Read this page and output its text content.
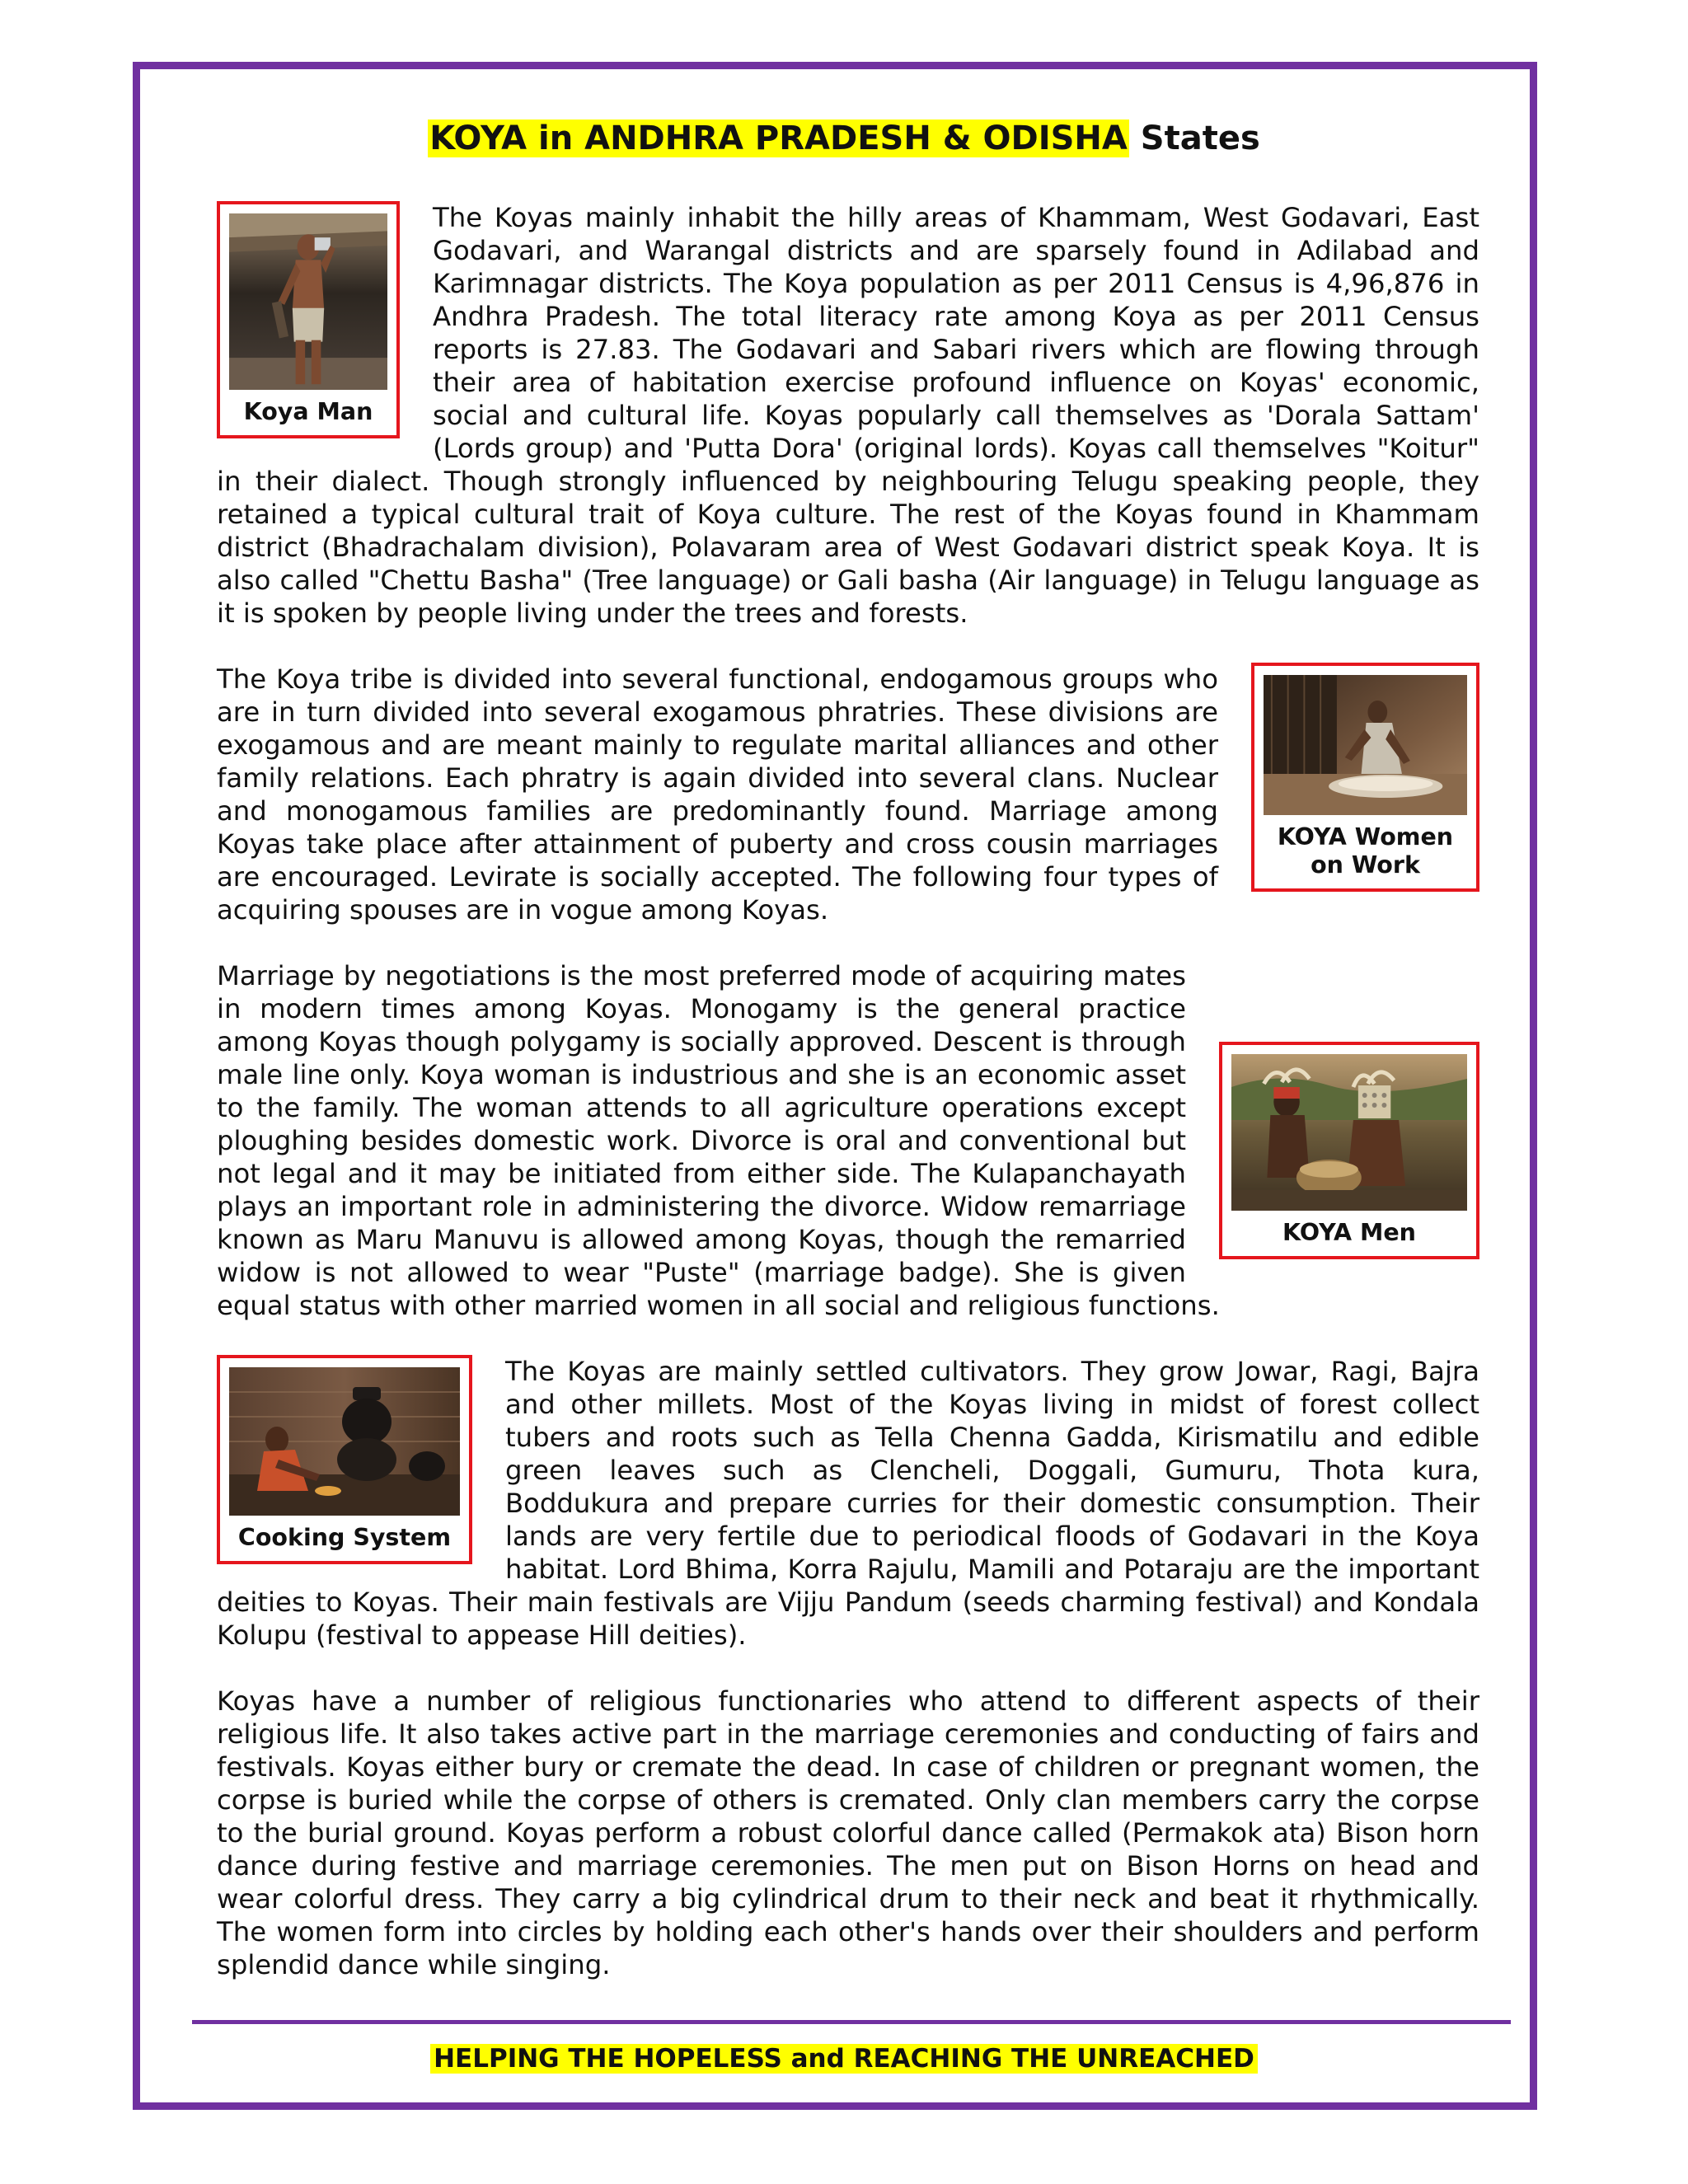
KOYA in ANDHRA PRADESH & ODISHA States
Koya Man

The Koyas mainly inhabit the hilly areas of Khammam, West Godavari, East Godavari, and Warangal districts and are sparsely found in Adilabad and Karimnagar districts. The Koya population as per 2011 Census is 4,96,876 in Andhra Pradesh. The total literacy rate among Koya as per 2011 Census reports is 27.83. The Godavari and Sabari rivers which are flowing through their area of habitation exercise profound influence on Koyas' economic, social and cultural life. Koyas popularly call themselves as 'Dorala Sattam' (Lords group) and 'Putta Dora' (original lords). Koyas call themselves "Koitur" in their dialect. Though strongly influenced by neighbouring Telugu speaking people, they retained a typical cultural trait of Koya culture. The rest of the Koyas found in Khammam district (Bhadrachalam division), Polavaram area of West Godavari district speak Koya. It is also called "Chettu Basha" (Tree language) or Gali basha (Air language) in Telugu language as it is spoken by people living under the trees and forests.

KOYA Women on Work

The Koya tribe is divided into several functional, endogamous groups who are in turn divided into several exogamous phratries. These divisions are exogamous and are meant mainly to regulate marital alliances and other family relations. Each phratry is again divided into several clans. Nuclear and monogamous families are predominantly found. Marriage among Koyas take place after attainment of puberty and cross cousin marriages are encouraged. Levirate is socially accepted. The following four types of acquiring spouses are in vogue among Koyas.

KOYA Men

Marriage by negotiations is the most preferred mode of acquiring mates in modern times among Koyas. Monogamy is the general practice among Koyas though polygamy is socially approved. Descent is through male line only. Koya woman is industrious and she is an economic asset to the family. The woman attends to all agriculture operations except ploughing besides domestic work. Divorce is oral and conventional but not legal and it may be initiated from either side. The Kulapanchayath plays an important role in administering the divorce. Widow remarriage known as Maru Manuvu is allowed among Koyas, though the remarried widow is not allowed to wear "Puste" (marriage badge). She is given equal status with other married women in all social and religious functions.

Cooking System

The Koyas are mainly settled cultivators. They grow Jowar, Ragi, Bajra and other millets. Most of the Koyas living in midst of forest collect tubers and roots such as Tella Chenna Gadda, Kirismatilu and edible green leaves such as Clencheli, Doggali, Gumuru, Thota kura, Boddukura and prepare curries for their domestic consumption. Their lands are very fertile due to periodical floods of Godavari in the Koya habitat. Lord Bhima, Korra Rajulu, Mamili and Potaraju are the important deities to Koyas. Their main festivals are Vijju Pandum (seeds charming festival) and Kondala Kolupu (festival to appease Hill deities).

Koyas have a number of religious functionaries who attend to different aspects of their religious life. It also takes active part in the marriage ceremonies and conducting of fairs and festivals. Koyas either bury or cremate the dead. In case of children or pregnant women, the corpse is buried while the corpse of others is cremated. Only clan members carry the corpse to the burial ground. Koyas perform a robust colorful dance called (Permakok ata) Bison horn dance during festive and marriage ceremonies. The men put on Bison Horns on head and wear colorful dress. They carry a big cylindrical drum to their neck and beat it rhythmically. The women form into circles by holding each other's hands over their shoulders and perform splendid dance while singing.

HELPING THE HOPELESS and REACHING THE UNREACHED
